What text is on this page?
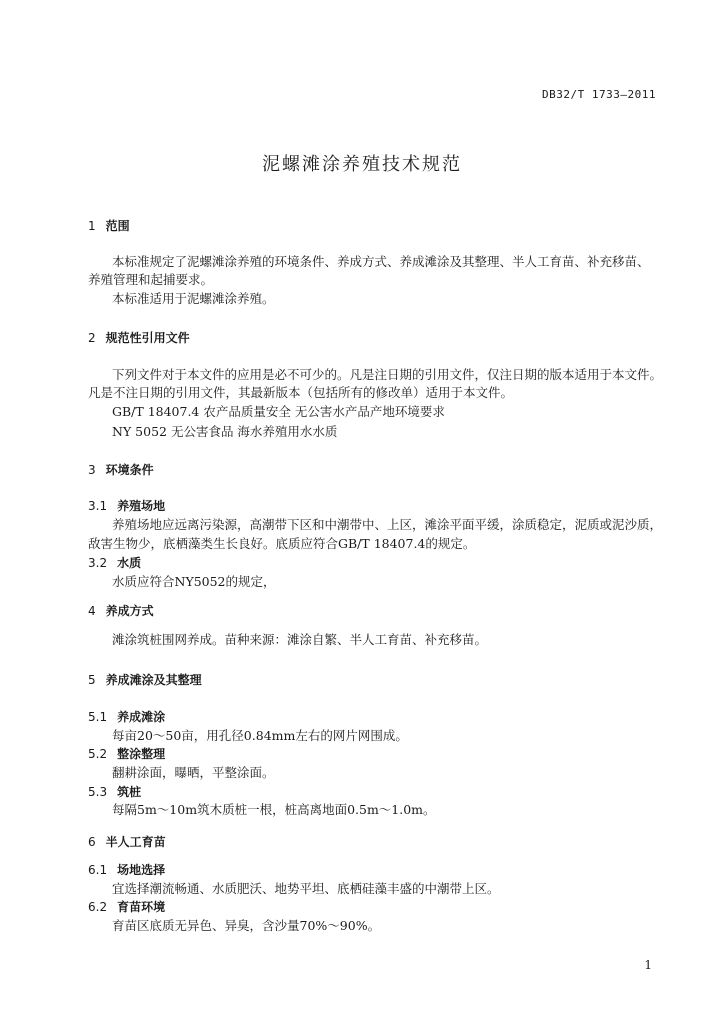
DB32/T 1733—2011
泥螺滩涂养殖技术规范
1 范围
本标准规定了泥螺滩涂养殖的环境条件、养成方式、养成滩涂及其整理、半人工育苗、补充移苗、
养殖管理和起捕要求。
本标准适用于泥螺滩涂养殖。
2 规范性引用文件
下列文件对于本文件的应用是必不可少的。凡是注日期的引用文件，仅注日期的版本适用于本文件。
凡是不注日期的引用文件，其最新版本（包括所有的修改单）适用于本文件。
GB/T 18407.4 农产品质量安全 无公害水产品产地环境要求
NY 5052 无公害食品 海水养殖用水水质
3 环境条件
3.1 养殖场地
养殖场地应远离污染源，高潮带下区和中潮带中、上区，滩涂平面平缓，涂质稳定，泥质或泥沙质，
敌害生物少，底栖藻类生长良好。底质应符合GB/T 18407.4的规定。
3.2 水质
水质应符合NY5052的规定，
4 养成方式
滩涂筑桩围网养成。苗种来源：滩涂自繁、半人工育苗、补充移苗。
5 养成滩涂及其整理
5.1 养成滩涂
每亩20～50亩，用孔径0.84mm左右的网片网围成。
5.2 整涂整理
翻耕涂面，曝晒，平整涂面。
5.3 筑桩
每隔5m～10m筑木质桩一根，桩高离地面0.5m～1.0m。
6 半人工育苗
6.1 场地选择
宜选择潮流畅通、水质肥沃、地势平坦、底栖硅藻丰盛的中潮带上区。
6.2 育苗环境
育苗区底质无异色、异臭，含沙量70%～90%。
1
